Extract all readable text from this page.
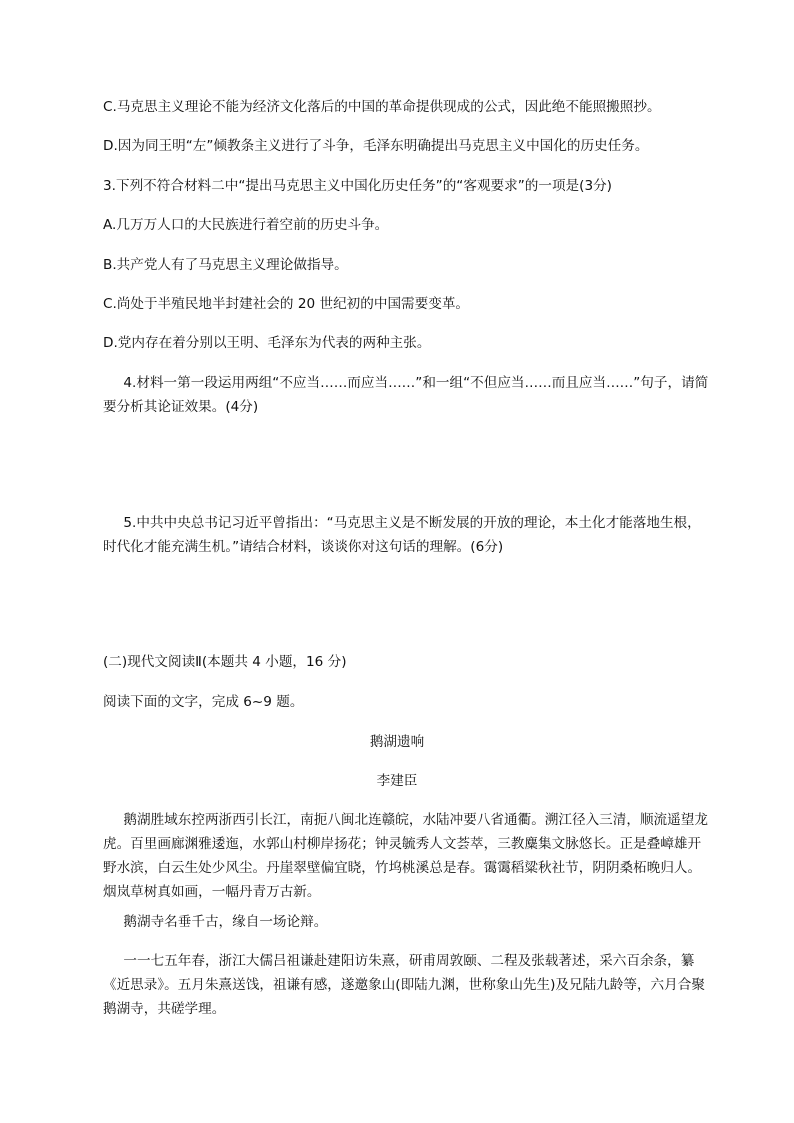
C.马克思主义理论不能为经济文化落后的中国的革命提供现成的公式，因此绝不能照搬照抄。
D.因为同王明“左”倾教条主义进行了斗争，毛泽东明确提出马克思主义中国化的历史任务。
3.下列不符合材料二中“提出马克思主义中国化历史任务”的“客观要求”的一项是(3分)
A.几万万人口的大民族进行着空前的历史斗争。
B.共产党人有了马克思主义理论做指导。
C.尚处于半殖民地半封建社会的 20 世纪初的中国需要变革。
D.党内存在着分别以王明、毛泽东为代表的两种主张。
4.材料一第一段运用两组“不应当……而应当……”和一组“不但应当……而且应当……”句子，请简要分析其论证效果。(4分)
5.中共中央总书记习近平曾指出：“马克思主义是不断发展的开放的理论，本土化才能落地生根，时代化才能充满生机。”请结合材料，谈谈你对这句话的理解。(6分)
(二)现代文阅读Ⅱ(本题共 4 小题，16 分)
阅读下面的文字，完成 6~9 题。
鹅湖遗响
李建臣
鹅湖胜域东控两浙西引长江，南扼八闽北连赣皖，水陆冲要八省通衢。溯江径入三清，顺流遥望龙虎。百里画廊渊雅逶迤，水郭山村柳岸扬花；钟灵毓秀人文荟萃，三教麋集文脉悠长。正是叠嶂雄开野水滨，白云生处少风尘。丹崖翠壁偏宜晓，竹坞桃溪总是春。霭霭稻粱秋社节，阴阴桑柘晚归人。烟岚草树真如画，一幅丹青万古新。
鹅湖寺名垂千古，缘自一场论辩。
一一七五年春，浙江大儒吕祖谦赴建阳访朱熹，研甫周敦颐、二程及张载著述，采六百余条，纂《近思录》。五月朱熹送饯，祖谦有感，遂邀象山(即陆九渊，世称象山先生)及兄陆九龄等，六月合聚鹅湖寺，共磋学理。
